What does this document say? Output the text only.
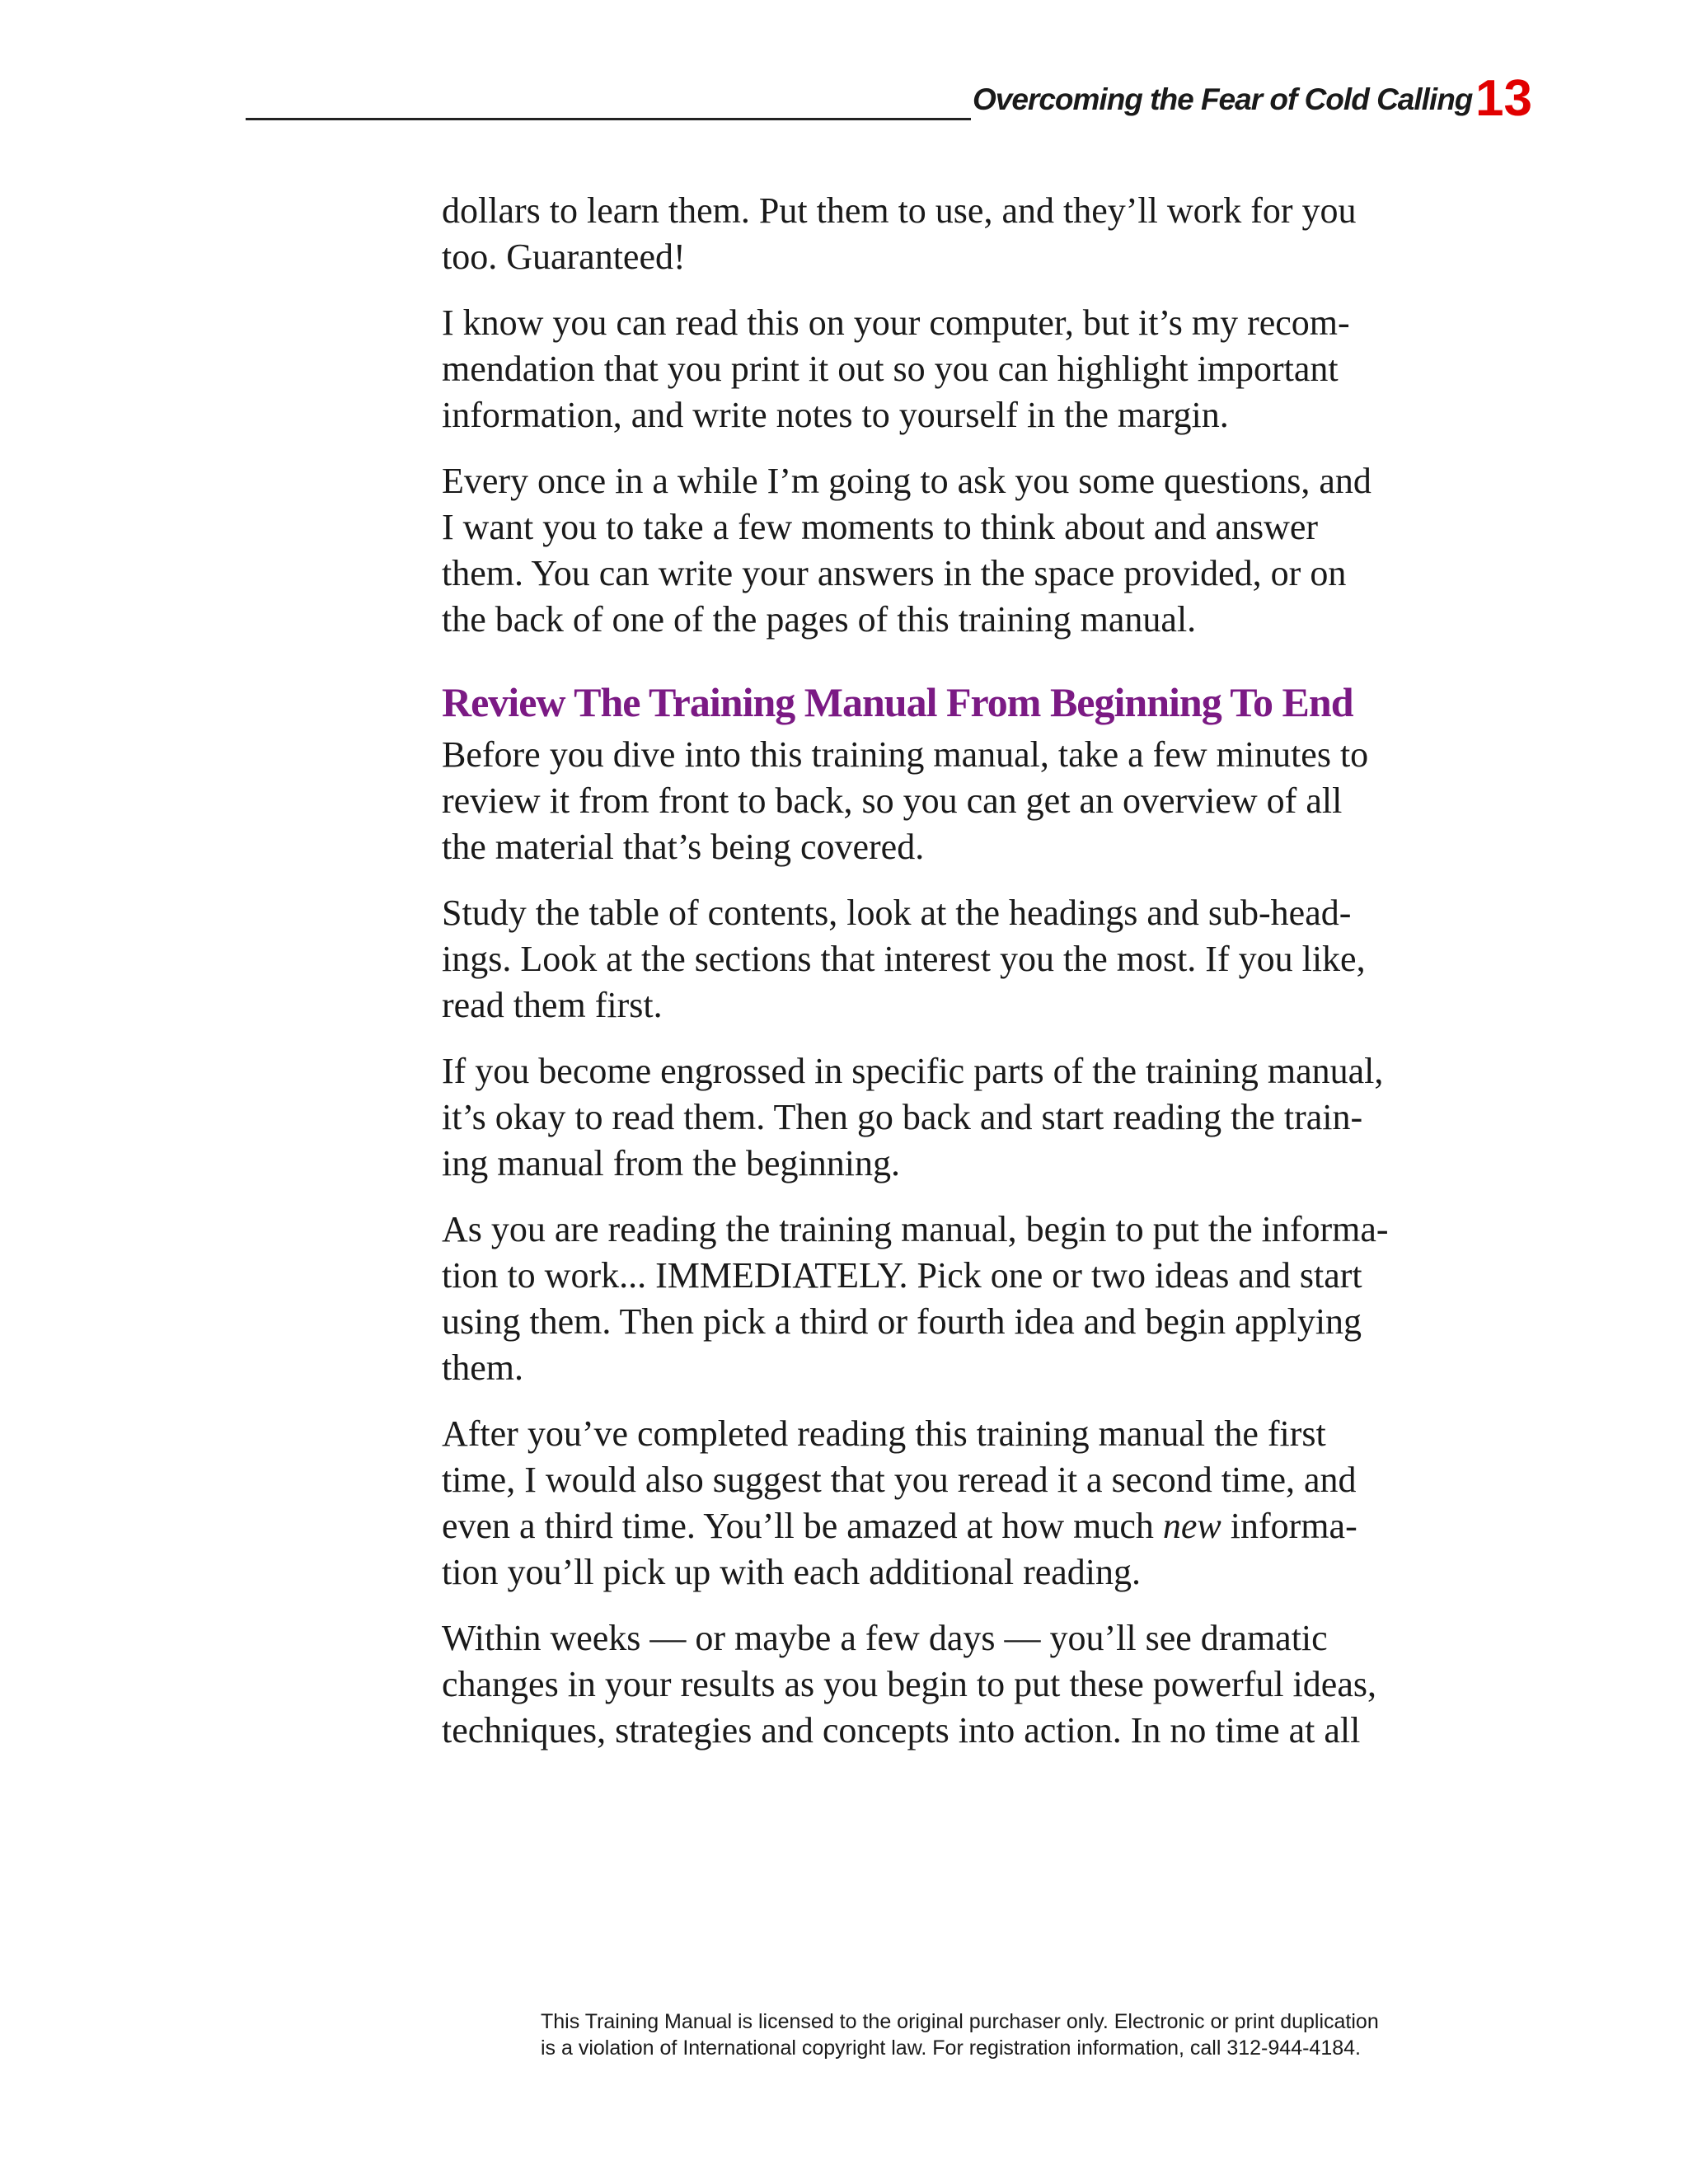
Overcoming the Fear of Cold Calling 13

dollars to learn them. Put them to use, and they’ll work for you
too. Guaranteed!

I know you can read this on your computer, but it’s my recom-
mendation that you print it out so you can highlight important
information, and write notes to yourself in the margin.

Every once in a while I’m going to ask you some questions, and
I want you to take a few moments to think about and answer
them. You can write your answers in the space provided, or on
the back of one of the pages of this training manual.

Review The Training Manual From Beginning To End

Before you dive into this training manual, take a few minutes to
review it from front to back, so you can get an overview of all
the material that’s being covered.

Study the table of contents, look at the headings and sub-head-
ings. Look at the sections that interest you the most. If you like,
read them first.

If you become engrossed in specific parts of the training manual,
it’s okay to read them. Then go back and start reading the train-
ing manual from the beginning.

As you are reading the training manual, begin to put the informa-
tion to work... IMMEDIATELY. Pick one or two ideas and start
using them. Then pick a third or fourth idea and begin applying
them.

After you’ve completed reading this training manual the first
time, I would also suggest that you reread it a second time, and
even a third time. You’ll be amazed at how much new informa-
tion you’ll pick up with each additional reading.

Within weeks — or maybe a few days — you’ll see dramatic
changes in your results as you begin to put these powerful ideas,
techniques, strategies and concepts into action. In no time at all

This Training Manual is licensed to the original purchaser only. Electronic or print duplication
is a violation of International copyright law. For registration information, call 312-944-4184.
